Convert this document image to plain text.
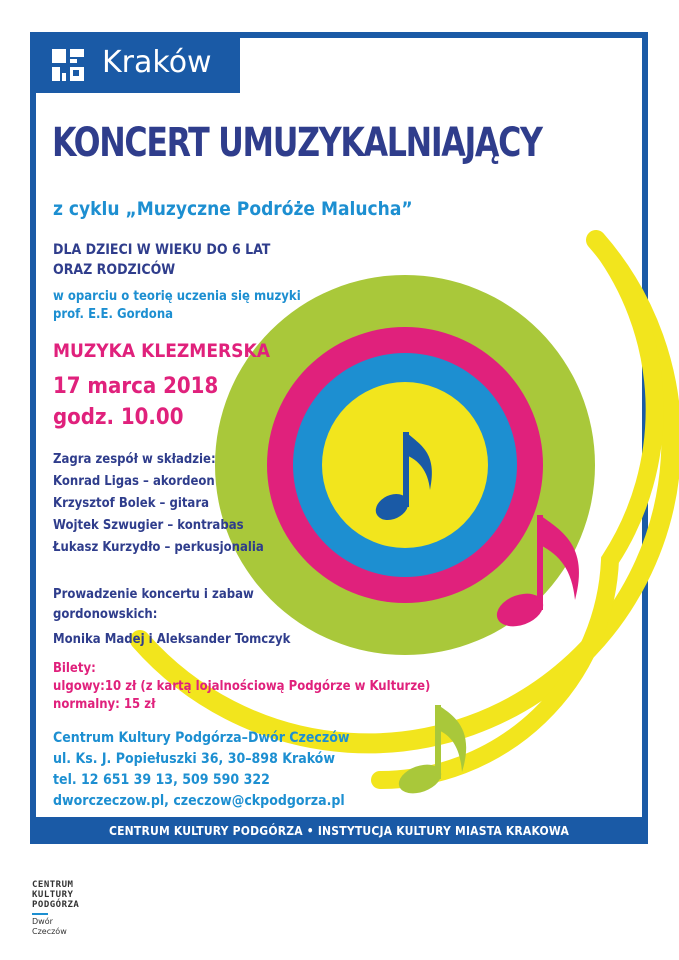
Kraków
KONCERT UMUZYKALNIAJĄCY
z cyklu „Muzyczne Podróże Malucha”
DLA DZIECI W WIEKU DO 6 LAT
ORAZ RODZICÓW
w oparciu o teorię uczenia się muzyki
prof. E.E. Gordona
MUZYKA KLEZMERSKA
17 marca 2018
godz. 10.00
Zagra zespół w składzie:
Konrad Ligas – akordeon
Krzysztof Bolek – gitara
Wojtek Szwugier – kontrabas
Łukasz Kurzydło – perkusjonalia
Prowadzenie koncertu i zabaw
gordonowskich:
Monika Madej i Aleksander Tomczyk
Bilety:
ulgowy:10 zł (z kartą lojalnościową Podgórze w Kulturze)
normalny: 15 zł
Centrum Kultury Podgórza–Dwór Czeczów
ul. Ks. J. Popiełuszki 36, 30–898 Kraków
tel. 12 651 39 13, 509 590 322
dworczeczow.pl, czeczow@ckpodgorza.pl
CENTRUM KULTURY PODGÓRZA • INSTYTUCJA KULTURY MIASTA KRAKOWA
CENTRUM
KULTURY
PODGÓRZA
Dwór
Czeczów
